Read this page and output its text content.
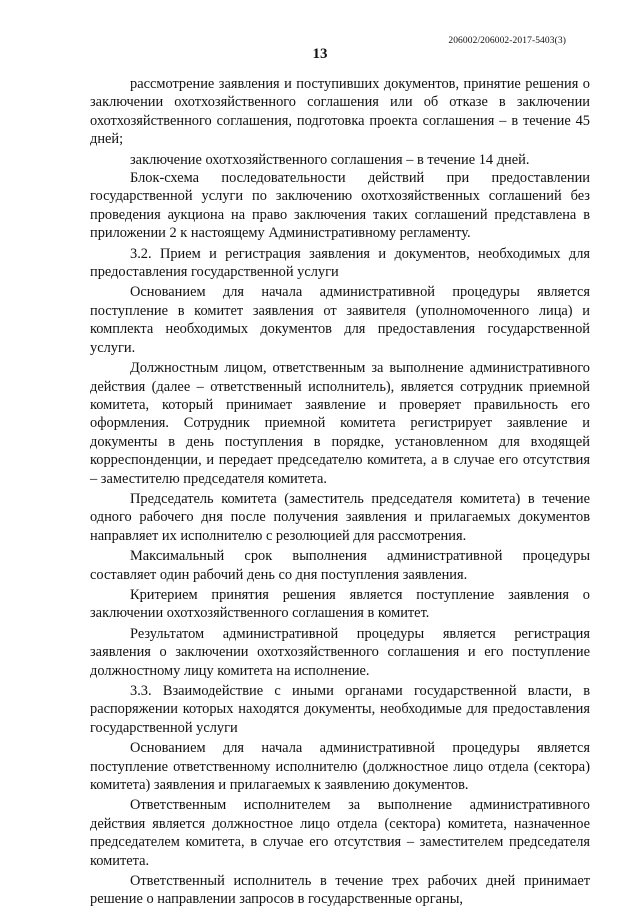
206002/206002-2017-5403(3)
13

рассмотрение заявления и поступивших документов, принятие решения о заключении охотхозяйственного соглашения или об отказе в заключении охотхозяйственного соглашения, подготовка проекта соглашения – в течение 45 дней;

заключение охотхозяйственного соглашения – в течение 14 дней.

Блок-схема последовательности действий при предоставлении государственной услуги по заключению охотхозяйственных соглашений без проведения аукциона на право заключения таких соглашений представлена в приложении 2 к настоящему Административному регламенту.

3.2. Прием и регистрация заявления и документов, необходимых для предоставления государственной услуги

Основанием для начала административной процедуры является поступление в комитет заявления от заявителя (уполномоченного лица) и комплекта необходимых документов для предоставления государственной услуги.

Должностным лицом, ответственным за выполнение административного действия (далее – ответственный исполнитель), является сотрудник приемной комитета, который принимает заявление и проверяет правильность его оформления. Сотрудник приемной комитета регистрирует заявление и документы в день поступления в порядке, установленном для входящей корреспонденции, и передает председателю комитета, а в случае его отсутствия – заместителю председателя комитета.

Председатель комитета (заместитель председателя комитета) в течение одного рабочего дня после получения заявления и прилагаемых документов направляет их исполнителю с резолюцией для рассмотрения.

Максимальный срок выполнения административной процедуры составляет один рабочий день со дня поступления заявления.

Критерием принятия решения является поступление заявления о заключении охотхозяйственного соглашения в комитет.

Результатом административной процедуры является регистрация заявления о заключении охотхозяйственного соглашения и его поступление должностному лицу комитета на исполнение.

3.3. Взаимодействие с иными органами государственной власти, в распоряжении которых находятся документы, необходимые для предоставления государственной услуги

Основанием для начала административной процедуры является поступление ответственному исполнителю (должностное лицо отдела (сектора) комитета) заявления и прилагаемых к заявлению документов.

Ответственным исполнителем за выполнение административного действия является должностное лицо отдела (сектора) комитета, назначенное председателем комитета, в случае его отсутствия – заместителем председателя комитета.

Ответственный исполнитель в течение трех рабочих дней принимает решение о направлении запросов в государственные органы,
